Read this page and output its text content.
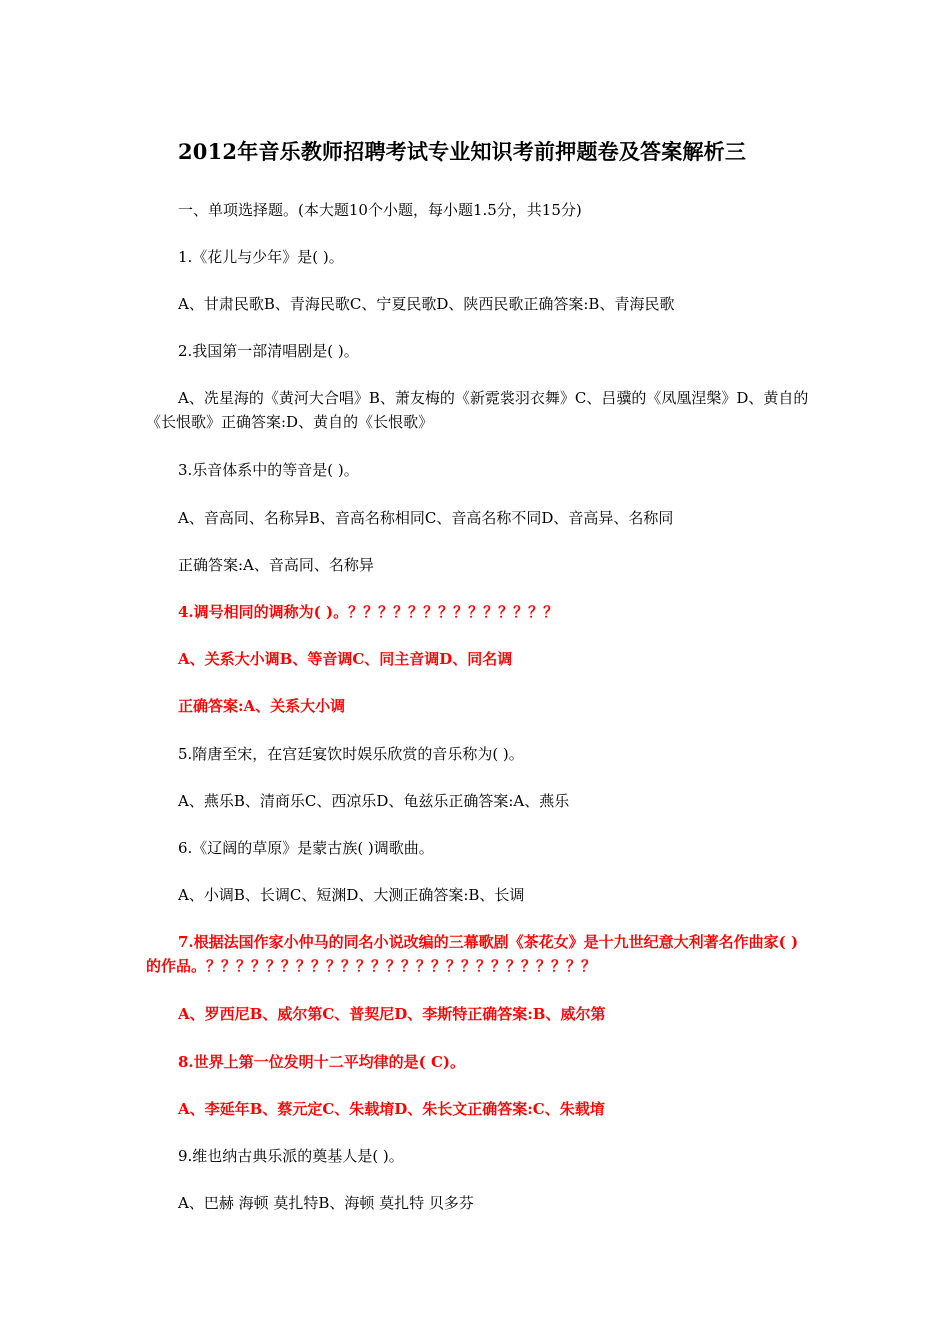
2012年音乐教师招聘考试专业知识考前押题卷及答案解析三
一、单项选择题。(本大题10个小题，每小题1.5分，共15分)
1.《花儿与少年》是( )。
A、甘肃民歌B、青海民歌C、宁夏民歌D、陕西民歌正确答案:B、青海民歌
2.我国第一部清唱剧是( )。
A、冼星海的《黄河大合唱》B、萧友梅的《新霓裳羽衣舞》C、吕骥的《凤凰涅槃》D、黄自的《长恨歌》正确答案:D、黄自的《长恨歌》
3.乐音体系中的等音是( )。
A、音高同、名称异B、音高名称相同C、音高名称不同D、音高异、名称同
正确答案:A、音高同、名称异
4.调号相同的调称为( )。？？？？？？？？？？？？？？
A、关系大小调B、等音调C、同主音调D、同名调
正确答案:A、关系大小调
5.隋唐至宋，在宫廷宴饮时娱乐欣赏的音乐称为( )。
A、燕乐B、清商乐C、西凉乐D、龟兹乐正确答案:A、燕乐
6.《辽阔的草原》是蒙古族( )调歌曲。
A、小调B、长调C、短渊D、大测正确答案:B、长调
7.根据法国作家小仲马的同名小说改编的三幕歌剧《茶花女》是十九世纪意大利著名作曲家( )的作品。？？？？？？？？？？？？？？？？？？？？？？？？？？
A、罗西尼B、威尔第C、普契尼D、李斯特正确答案:B、威尔第
8.世界上第一位发明十二平均律的是( C)。
A、李延年B、蔡元定C、朱载堉D、朱长文正确答案:C、朱载堉
9.维也纳古典乐派的奠基人是( )。
A、巴赫 海顿 莫扎特B、海顿 莫扎特 贝多芬
